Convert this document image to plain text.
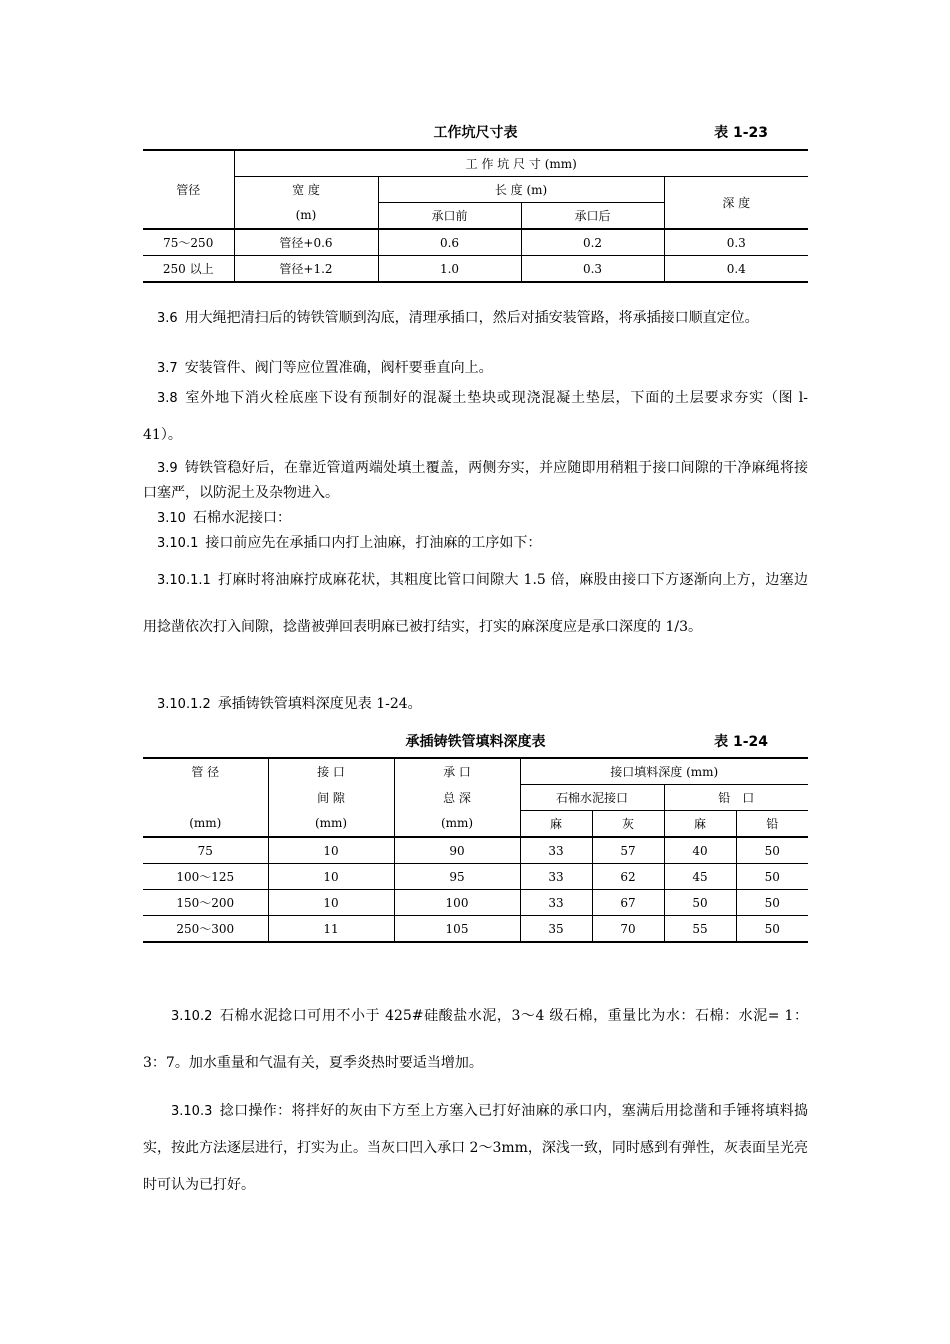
工作坑尺寸表	表 1-23
管径	工 作 坑 尺 寸 (mm)			
	宽 度	长 度 (m)		深 度
	(m)	承口前	承口后	
75～250	管径+0.6	0.6	0.2	0.3
250 以上	管径+1.2	1.0	0.3	0.4

 3.6  用大绳把清扫后的铸铁管顺到沟底，清理承插口，然后对插安装管路，将承插接口顺直定位。

 3.7  安装管件、阀门等应位置准确，阀杆要垂直向上。

 3.8  室外地下消火栓底座下设有预制好的混凝土垫块或现浇混凝土垫层，下面的土层要求夯实（图 l-41）。

 3.9  铸铁管稳好后，在靠近管道两端处填土覆盖，两侧夯实，并应随即用稍粗于接口间隙的干净麻绳将接口塞严，以防泥土及杂物进入。

 3.10  石棉水泥接口：

 3.10.1  接口前应先在承插口内打上油麻，打油麻的工序如下：

 3.10.1.1  打麻时将油麻拧成麻花状，其粗度比管口间隙大 1.5 倍，麻股由接口下方逐渐向上方，边塞边用捻凿依次打入间隙，捻凿被弹回表明麻已被打结实，打实的麻深度应是承口深度的 1/3。

 3.10.1.2  承插铸铁管填料深度见表 1-24。

承插铸铁管填料深度表	表 1-24
管 径	接 口	承 口	接口填料深度 (mm)			
	间 隙	总 深	石棉水泥接口		铅　口	
(mm)	(mm)	(mm)	麻	灰	麻	铅
75	10	90	33	57	40	50
100～125	10	95	33	62	45	50
150～200	10	100	33	67	50	50
250～300	11	105	35	70	55	50

  3.10.2  石棉水泥捻口可用不小于 425#硅酸盐水泥，3～4 级石棉，重量比为水：石棉：水泥= 1：3：7。加水重量和气温有关，夏季炎热时要适当增加。

  3.10.3  捻口操作：将拌好的灰由下方至上方塞入已打好油麻的承口内，塞满后用捻凿和手锤将填料捣实，按此方法逐层进行，打实为止。当灰口凹入承口 2～3mm，深浅一致，同时感到有弹性，灰表面呈光亮时可认为已打好。
